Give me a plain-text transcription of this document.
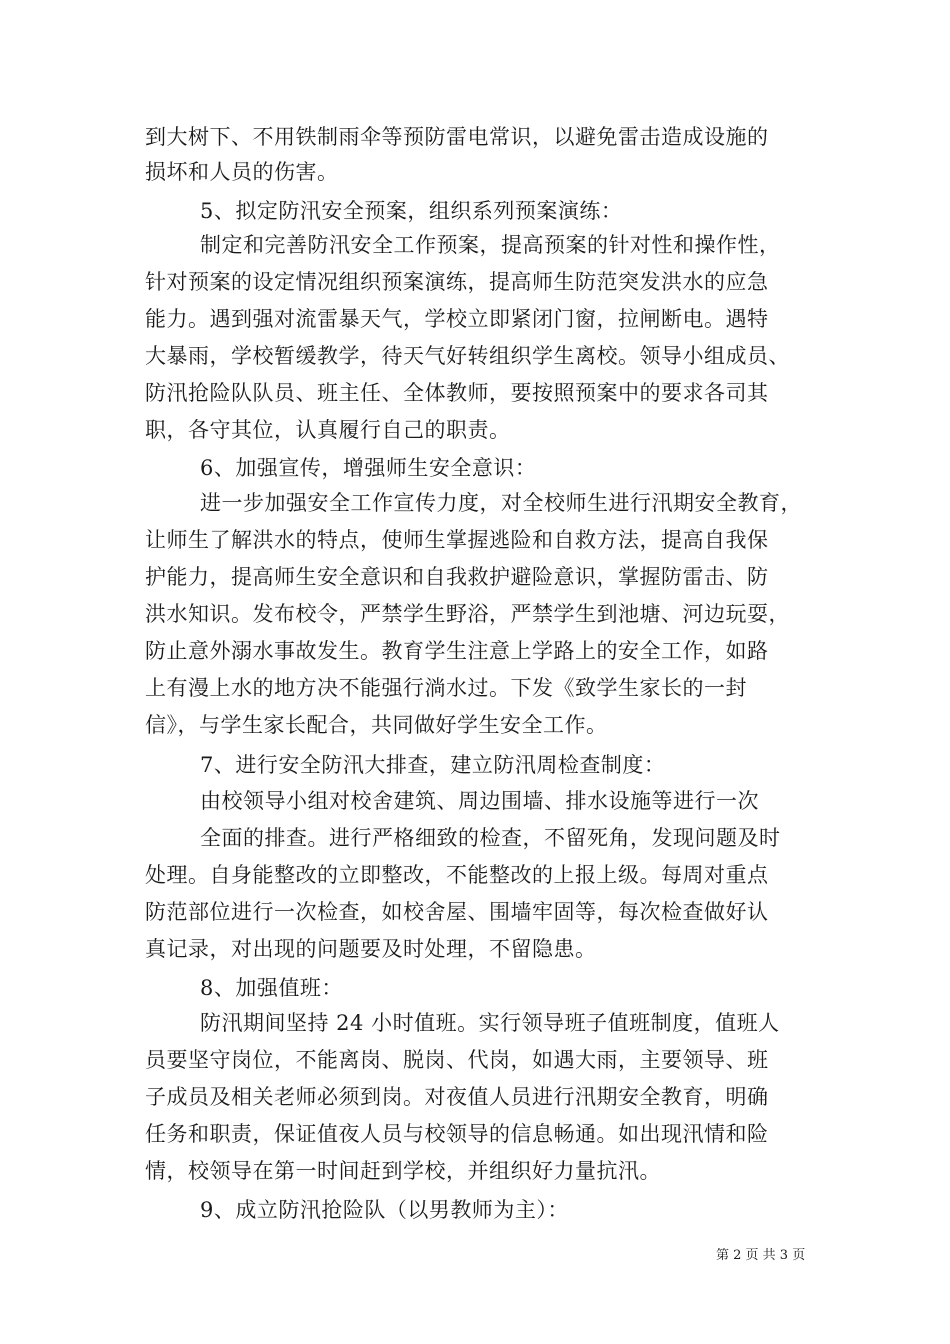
到大树下、不用铁制雨伞等预防雷电常识，以避免雷击造成设施的
损坏和人员的伤害。
5、拟定防汛安全预案，组织系列预案演练：
制定和完善防汛安全工作预案，提高预案的针对性和操作性，
针对预案的设定情况组织预案演练，提高师生防范突发洪水的应急
能力。遇到强对流雷暴天气，学校立即紧闭门窗，拉闸断电。遇特
大暴雨，学校暂缓教学，待天气好转组织学生离校。领导小组成员、
防汛抢险队队员、班主任、全体教师，要按照预案中的要求各司其
职，各守其位，认真履行自己的职责。
6、加强宣传，增强师生安全意识：
进一步加强安全工作宣传力度，对全校师生进行汛期安全教育，
让师生了解洪水的特点，使师生掌握逃险和自救方法，提高自我保
护能力，提高师生安全意识和自我救护避险意识，掌握防雷击、防
洪水知识。发布校令，严禁学生野浴，严禁学生到池塘、河边玩耍，
防止意外溺水事故发生。教育学生注意上学路上的安全工作，如路
上有漫上水的地方决不能强行淌水过。下发《致学生家长的一封
信》，与学生家长配合，共同做好学生安全工作。
7、进行安全防汛大排查，建立防汛周检查制度：
由校领导小组对校舍建筑、周边围墙、排水设施等进行一次
全面的排查。进行严格细致的检查，不留死角，发现问题及时
处理。自身能整改的立即整改，不能整改的上报上级。每周对重点
防范部位进行一次检查，如校舍屋、围墙牢固等，每次检查做好认
真记录，对出现的问题要及时处理，不留隐患。
8、加强值班：
防汛期间坚持 24 小时值班。实行领导班子值班制度，值班人
员要坚守岗位，不能离岗、脱岗、代岗，如遇大雨，主要领导、班
子成员及相关老师必须到岗。对夜值人员进行汛期安全教育，明确
任务和职责，保证值夜人员与校领导的信息畅通。如出现汛情和险
情，校领导在第一时间赶到学校，并组织好力量抗汛。
9、成立防汛抢险队（以男教师为主）：
第 2 页 共 3 页
